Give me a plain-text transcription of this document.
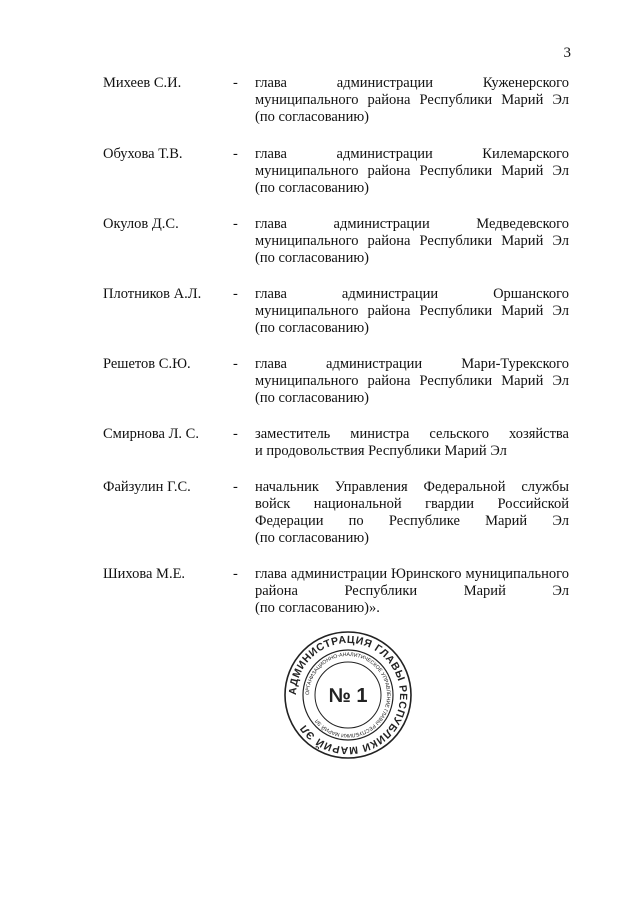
3
Михеев С.И.	-	глава администрации Куженерского
муниципального района Республики Марий Эл
(по согласованию)
Обухова Т.В.	-	глава администрации Килемарского
муниципального района Республики Марий Эл
(по согласованию)
Окулов Д.С.	-	глава администрации Медведевского
муниципального района Республики Марий Эл
(по согласованию)
Плотников А.Л.	-	глава администрации Оршанского
муниципального района Республики Марий Эл
(по согласованию)
Решетов С.Ю.	-	глава администрации Мари-Турекского
муниципального района Республики Марий Эл
(по согласованию)
Смирнова Л. С.	-	заместитель министра сельского хозяйства
и продовольствия Республики Марий Эл
Файзулин Г.С.	-	начальник Управления Федеральной службы
войск национальной гвардии Российской
Федерации по Республике Марий Эл
(по согласованию)
Шихова М.Е.	-	глава администрации Юринского муниципального
района Республики Марий Эл
(по согласованию)».
АДМИНИСТРАЦИЯ ГЛАВЫ РЕСПУБЛИКИ МАРИЙ ЭЛ
ОРГАНИЗАЦИОННО-АНАЛИТИЧЕСКОЕ УПРАВЛЕНИЕ ГЛАВЫ РЕСПУБЛИКИ МАРИЙ ЭЛ
№ 1
